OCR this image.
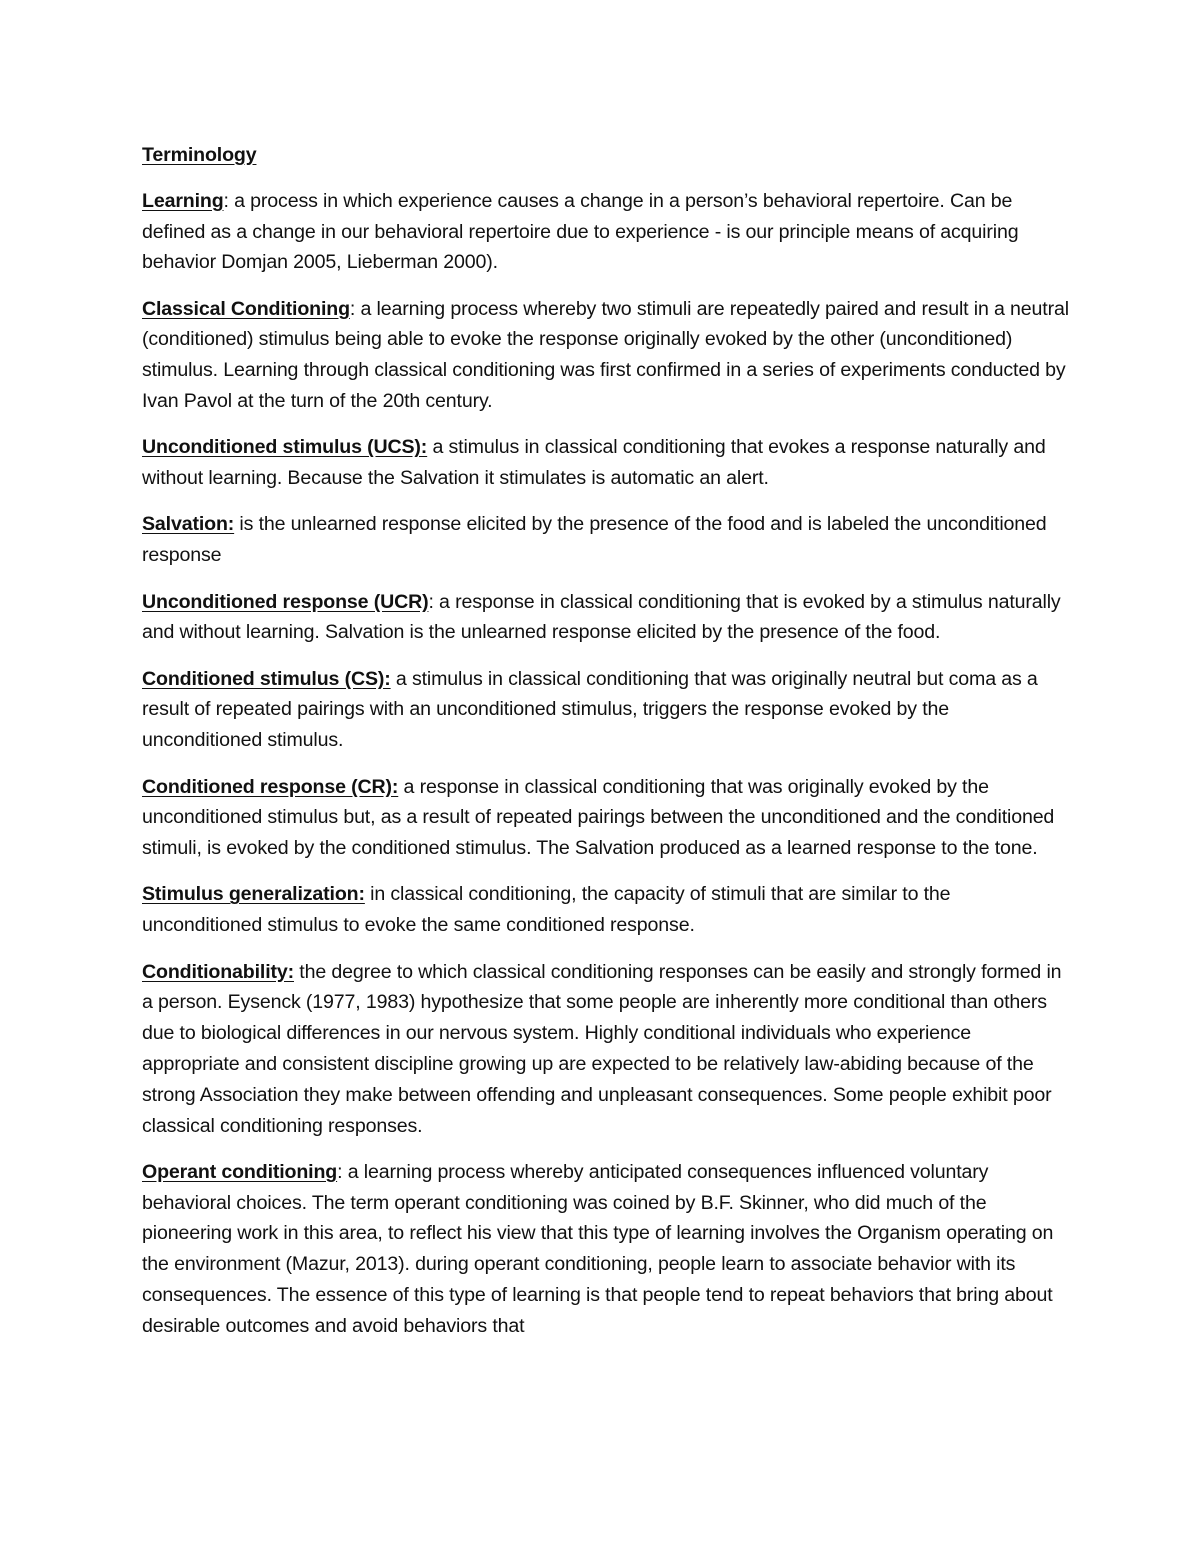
Terminology

Learning: a process in which experience causes a change in a person’s behavioral repertoire. Can be defined as a change in our behavioral repertoire due to experience - is our principle means of acquiring behavior Domjan 2005, Lieberman 2000).

Classical Conditioning: a learning process whereby two stimuli are repeatedly paired and result in a neutral (conditioned) stimulus being able to evoke the response originally evoked by the other (unconditioned) stimulus. Learning through classical conditioning was first confirmed in a series of experiments conducted by Ivan Pavol at the turn of the 20th century.

Unconditioned stimulus (UCS): a stimulus in classical conditioning that evokes a response naturally and without learning. Because the Salvation it stimulates is automatic an alert.

Salvation: is the unlearned response elicited by the presence of the food and is labeled the unconditioned response

Unconditioned response (UCR): a response in classical conditioning that is evoked by a stimulus naturally and without learning. Salvation is the unlearned response elicited by the presence of the food.

Conditioned stimulus (CS): a stimulus in classical conditioning that was originally neutral but coma as a result of repeated pairings with an unconditioned stimulus, triggers the response evoked by the unconditioned stimulus.

Conditioned response (CR): a response in classical conditioning that was originally evoked by the unconditioned stimulus but, as a result of repeated pairings between the unconditioned and the conditioned stimuli, is evoked by the conditioned stimulus. The Salvation produced as a learned response to the tone.

Stimulus generalization: in classical conditioning, the capacity of stimuli that are similar to the unconditioned stimulus to evoke the same conditioned response.

Conditionability: the degree to which classical conditioning responses can be easily and strongly formed in a person. Eysenck (1977, 1983) hypothesize that some people are inherently more conditional than others due to biological differences in our nervous system. Highly conditional individuals who experience appropriate and consistent discipline growing up are expected to be relatively law-abiding because of the strong Association they make between offending and unpleasant consequences. Some people exhibit poor classical conditioning responses.

Operant conditioning: a learning process whereby anticipated consequences influenced voluntary behavioral choices. The term operant conditioning was coined by B.F. Skinner, who did much of the pioneering work in this area, to reflect his view that this type of learning involves the Organism operating on the environment (Mazur, 2013). during operant conditioning, people learn to associate behavior with its consequences. The essence of this type of learning is that people tend to repeat behaviors that bring about desirable outcomes and avoid behaviors that
